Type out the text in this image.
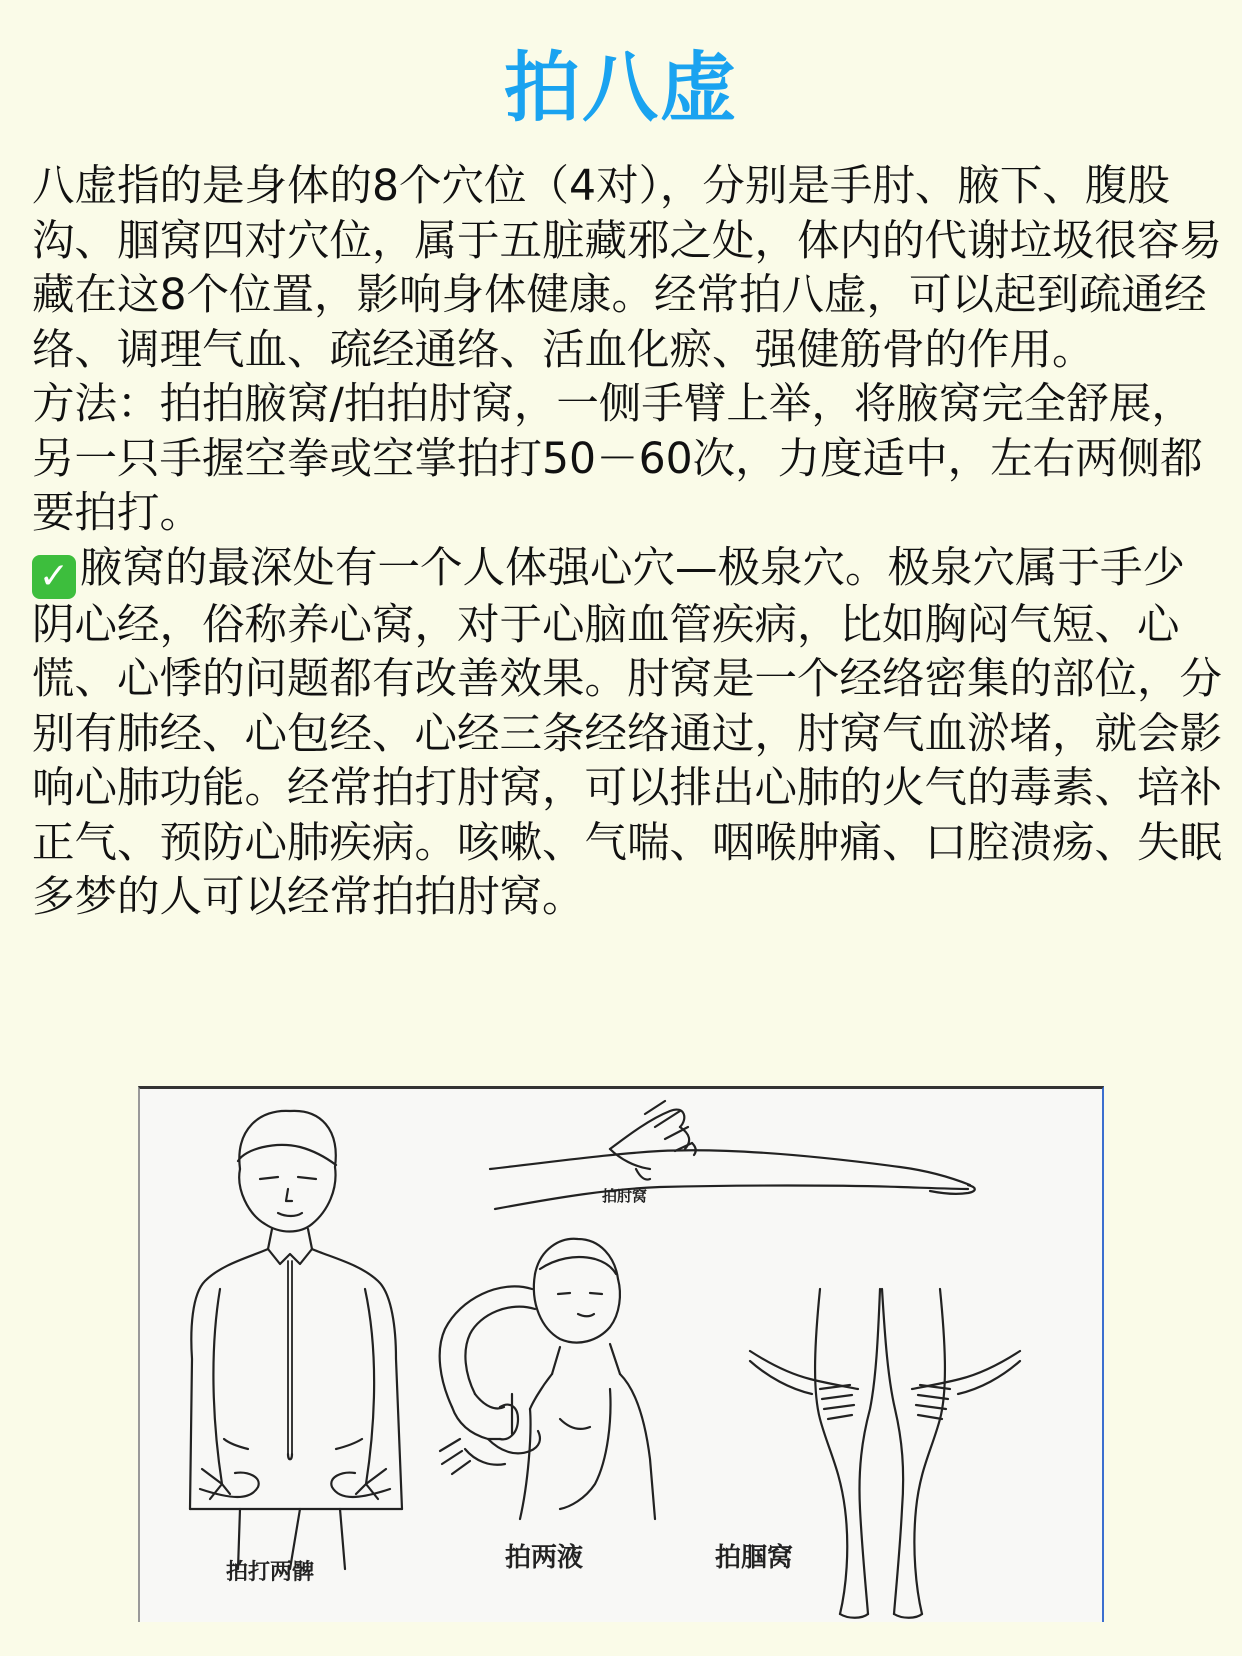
拍八虚

八虚指的是身体的8个穴位（4对），分别是手肘、腋下、腹股沟、腘窝四对穴位，属于五脏藏邪之处，体内的代谢垃圾很容易藏在这8个位置，影响身体健康。经常拍八虚，可以起到疏通经络、调理气血、疏经通络、活血化瘀、强健筋骨的作用。

方法：拍拍腋窝/拍拍肘窝，一侧手臂上举，将腋窝完全舒展，另一只手握空拳或空掌拍打50－60次，力度适中，左右两侧都要拍打。

✓ 腋窝的最深处有一个人体强心穴—极泉穴。极泉穴属于手少阴心经，俗称养心窝，对于心脑血管疾病，比如胸闷气短、心慌、心悸的问题都有改善效果。肘窝是一个经络密集的部位，分别有肺经、心包经、心经三条经络通过，肘窝气血淤堵，就会影响心肺功能。经常拍打肘窝，可以排出心肺的火气的毒素、培补正气、预防心肺疾病。咳嗽、气喘、咽喉肿痛、口腔溃疡、失眠多梦的人可以经常拍拍肘窝。

拍肘窝
拍打两髀	拍两液	拍腘窝
